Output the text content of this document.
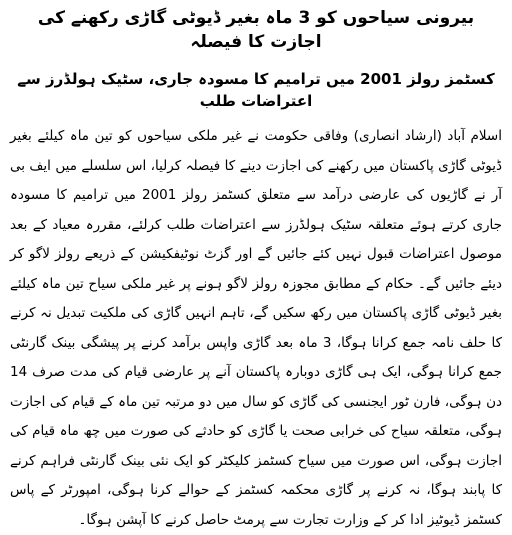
بیرونی سیاحوں کو 3 ماہ بغیر ڈیوٹی گاڑی رکھنے کی اجازت کا فیصلہ
کسٹمز رولز 2001 میں ترامیم کا مسودہ جاری، سٹیک ہولڈرز سے اعتراضات طلب

اسلام آباد (ارشاد انصاری) وفاقی حکومت نے غیر ملکی سیاحوں کو تین ماہ کیلئے بغیر ڈیوٹی گاڑی پاکستان میں رکھنے کی اجازت دینے کا فیصلہ کرلیا، اس سلسلے میں ایف بی آر نے گاڑیوں کی عارضی درآمد سے متعلق کسٹمز رولز 2001 میں ترامیم کا مسودہ جاری کرتے ہوئے متعلقہ سٹیک ہولڈرز سے اعتراضات طلب کرلئے، مقررہ معیاد کے بعد موصول اعتراضات قبول نہیں کئے جائیں گے اور گزٹ نوٹیفکیشن کے ذریعے رولز لاگو کر دیئے جائیں گے۔ حکام کے مطابق مجوزہ رولز لاگو ہونے پر غیر ملکی سیاح تین ماہ کیلئے بغیر ڈیوٹی گاڑی پاکستان میں رکھ سکیں گے، تاہم انہیں گاڑی کی ملکیت تبدیل نہ کرنے کا حلف نامہ جمع کرانا ہوگا، 3 ماہ بعد گاڑی واپس برآمد کرنے پر پیشگی بینک گارنٹی جمع کرانا ہوگی، ایک ہی گاڑی دوبارہ پاکستان آنے پر عارضی قیام کی مدت صرف 14 دن ہوگی، فارن ٹور ایجنسی کی گاڑی کو سال میں دو مرتبہ تین ماہ کے قیام کی اجازت ہوگی، متعلقہ سیاح کی خرابی صحت یا گاڑی کو حادثے کی صورت میں چھ ماہ قیام کی اجازت ہوگی، اس صورت میں سیاح کسٹمز کلیکٹر کو ایک نئی بینک گارنٹی فراہم کرنے کا پابند ہوگا، نہ کرنے پر گاڑی محکمہ کسٹمز کے حوالے کرنا ہوگی، امپورٹر کے پاس کسٹمز ڈیوٹیز ادا کر کے وزارت تجارت سے پرمٹ حاصل کرنے کا آپشن ہوگا۔
